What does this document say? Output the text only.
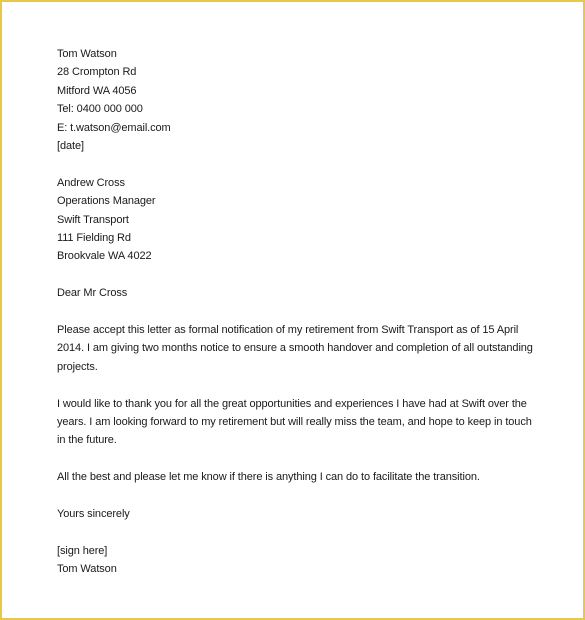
Tom Watson
28 Crompton Rd
Mitford WA 4056
Tel: 0400 000 000
E: t.watson@email.com
[date]
Andrew Cross
Operations Manager
Swift Transport
111 Fielding Rd
Brookvale WA 4022
Dear Mr Cross
Please accept this letter as formal notification of my retirement from Swift Transport as of 15 April
2014. I am giving two months notice to ensure a smooth handover and completion of all outstanding
projects.
I would like to thank you for all the great opportunities and experiences I have had at Swift over the
years. I am looking forward to my retirement but will really miss the team, and hope to keep in touch
in the future.
All the best and please let me know if there is anything I can do to facilitate the transition.
Yours sincerely
[sign here]
Tom Watson
